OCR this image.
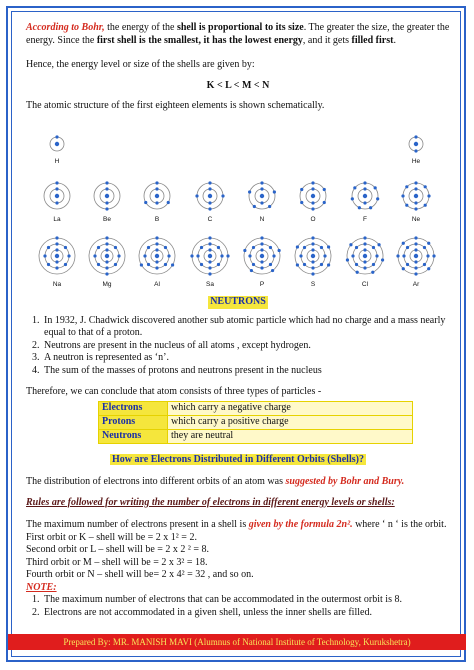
According to Bohr, the energy of the shell is proportional to its size. The greater the size, the greater the energy. Since the first shell is the smallest, it has the lowest energy, and it gets filled first.

Hence, the energy level or size of the shells are given by:

K < L < M < N

The atomic structure of the first eighteen elements is shown schematically.

H	He
La	Be	B	C	N	O	F	Ne
Na	Mg	Al	Sa	P	S	Cl	Ar

NEUTRONS

1. In 1932, J. Chadwick discovered another sub atomic particle which had no charge and a mass nearly equal to that of a proton.
2. Neutrons are present in the nucleus of all atoms , except hydrogen.
3. A neutron is represented as ‘n’.
4. The sum of the masses of protons and neutrons present in the nucleus

Therefore, we can conclude that atom consists of three types of particles -

Electrons	which carry a negative charge
Protons	which carry a positive charge
Neutrons	they are neutral

How are Electrons Distributed in Different Orbits (Shells)?

The distribution of electrons into different orbits of an atom was suggested by Bohr and Bury.

Rules are followed for writing the number of electrons in different energy levels or shells:

The maximum number of electrons present in a shell is given by the formula 2n². where ‘ n ‘ is the orbit.

First orbit or K – shell will be = 2 x 1² = 2.

Second orbit or L – shell will be = 2 x 2 ² = 8.

Third orbit or M – shell will be = 2 x 3² = 18.

Fourth orbit or N – shell will be= 2 x 4² = 32 , and so on.

NOTE:

1. The maximum number of electrons that can be accommodated in the outermost orbit is 8.
2. Electrons are not accommodated in a given shell, unless the inner shells are filled.
Prepared By: MR. MANISH MAVI (Alumnus of National Institute of Technology, Kurukshetra)
